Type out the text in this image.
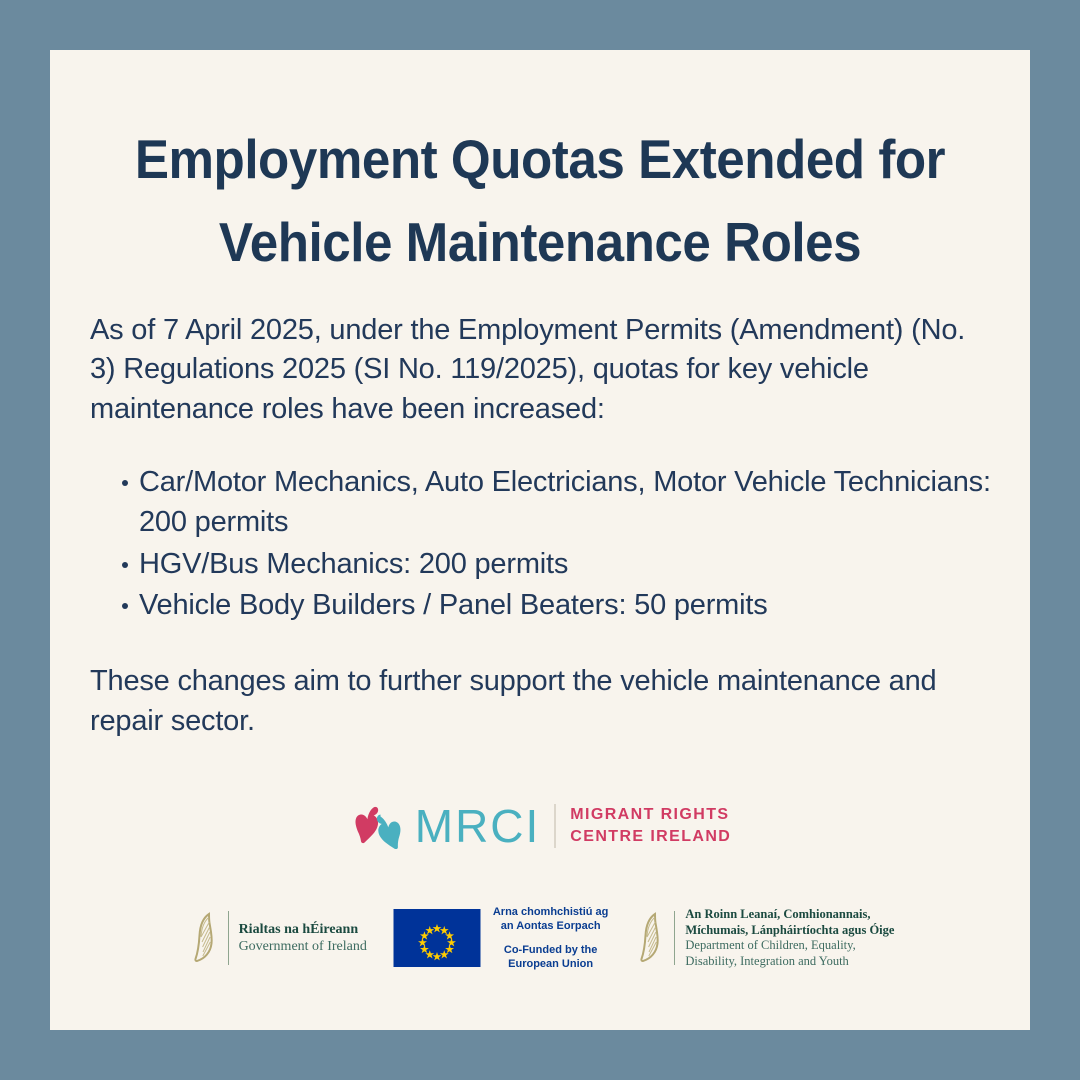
Employment Quotas Extended for Vehicle Maintenance Roles

As of 7 April 2025, under the Employment Permits (Amendment) (No. 3) Regulations 2025 (SI No. 119/2025), quotas for key vehicle maintenance roles have been increased:

Car/Motor Mechanics, Auto Electricians, Motor Vehicle Technicians: 200 permits
HGV/Bus Mechanics: 200 permits
Vehicle Body Builders / Panel Beaters: 50 permits

These changes aim to further support the vehicle maintenance and repair sector.

MRCI MIGRANT RIGHTS
CENTRE IRELAND
Rialtas na hÉireann
Government of Ireland
Arna chomhchistiú ag
an Aontas Eorpach
Co-Funded by the
European Union
An Roinn Leanaí, Comhionannais,
Míchumais, Lánpháirtíochta agus Óige
Department of Children, Equality,
Disability, Integration and Youth
